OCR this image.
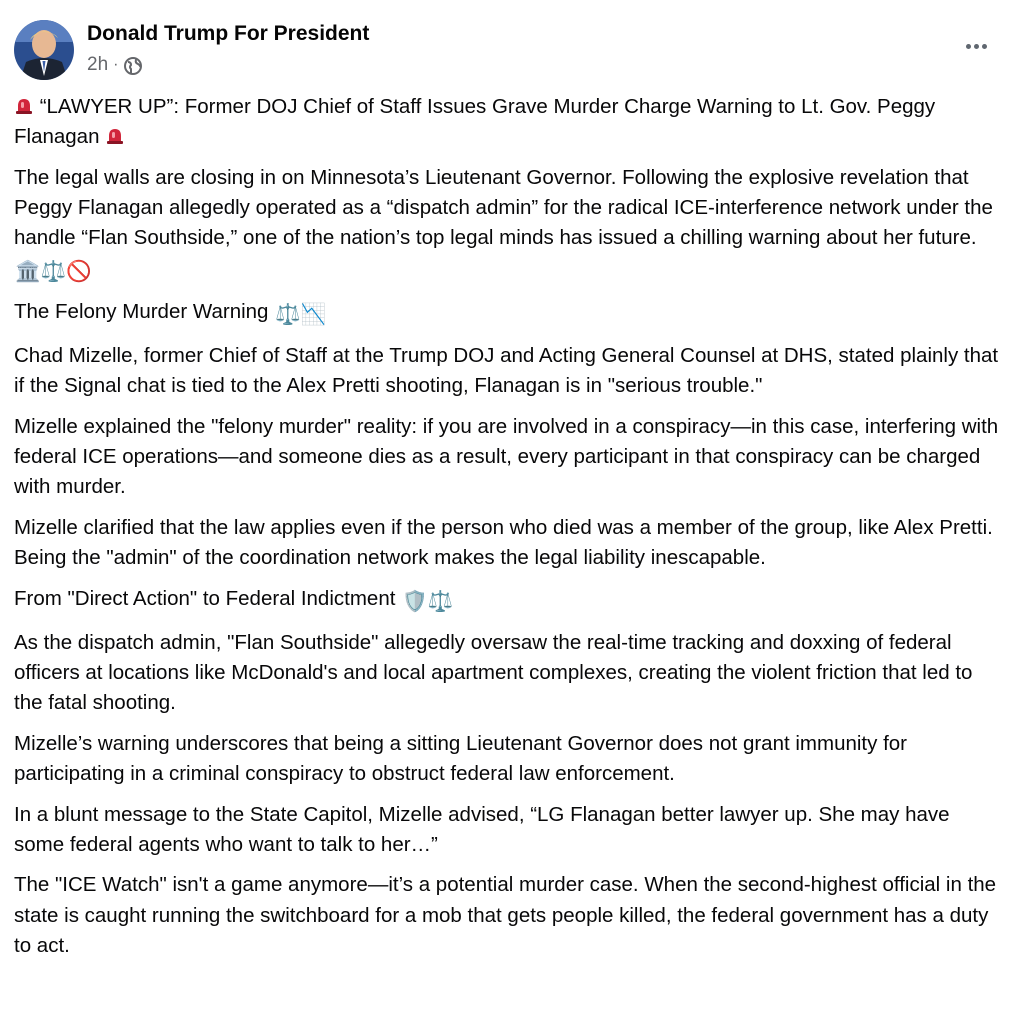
Donald Trump For President
2h ·

“LAWYER UP”: Former DOJ Chief of Staff Issues Grave Murder Charge Warning to Lt. Gov. Peggy Flanagan

The legal walls are closing in on Minnesota’s Lieutenant Governor. Following the explosive revelation that Peggy Flanagan allegedly operated as a “dispatch admin” for the radical ICE-interference network under the handle “Flan Southside,” one of the nation’s top legal minds has issued a chilling warning about her future. 🏛️⚖️🚫

The Felony Murder Warning ⚖️📉

Chad Mizelle, former Chief of Staff at the Trump DOJ and Acting General Counsel at DHS, stated plainly that if the Signal chat is tied to the Alex Pretti shooting, Flanagan is in "serious trouble."

Mizelle explained the "felony murder" reality: if you are involved in a conspiracy—in this case, interfering with federal ICE operations—and someone dies as a result, every participant in that conspiracy can be charged with murder.

Mizelle clarified that the law applies even if the person who died was a member of the group, like Alex Pretti. Being the "admin" of the coordination network makes the legal liability inescapable.

From "Direct Action" to Federal Indictment 🛡️⚖️

As the dispatch admin, "Flan Southside" allegedly oversaw the real-time tracking and doxxing of federal officers at locations like McDonald's and local apartment complexes, creating the violent friction that led to the fatal shooting.

Mizelle’s warning underscores that being a sitting Lieutenant Governor does not grant immunity for participating in a criminal conspiracy to obstruct federal law enforcement.

In a blunt message to the State Capitol, Mizelle advised, “LG Flanagan better lawyer up. She may have some federal agents who want to talk to her…”

The "ICE Watch" isn't a game anymore—it’s a potential murder case. When the second-highest official in the state is caught running the switchboard for a mob that gets people killed, the federal government has a duty to act.
